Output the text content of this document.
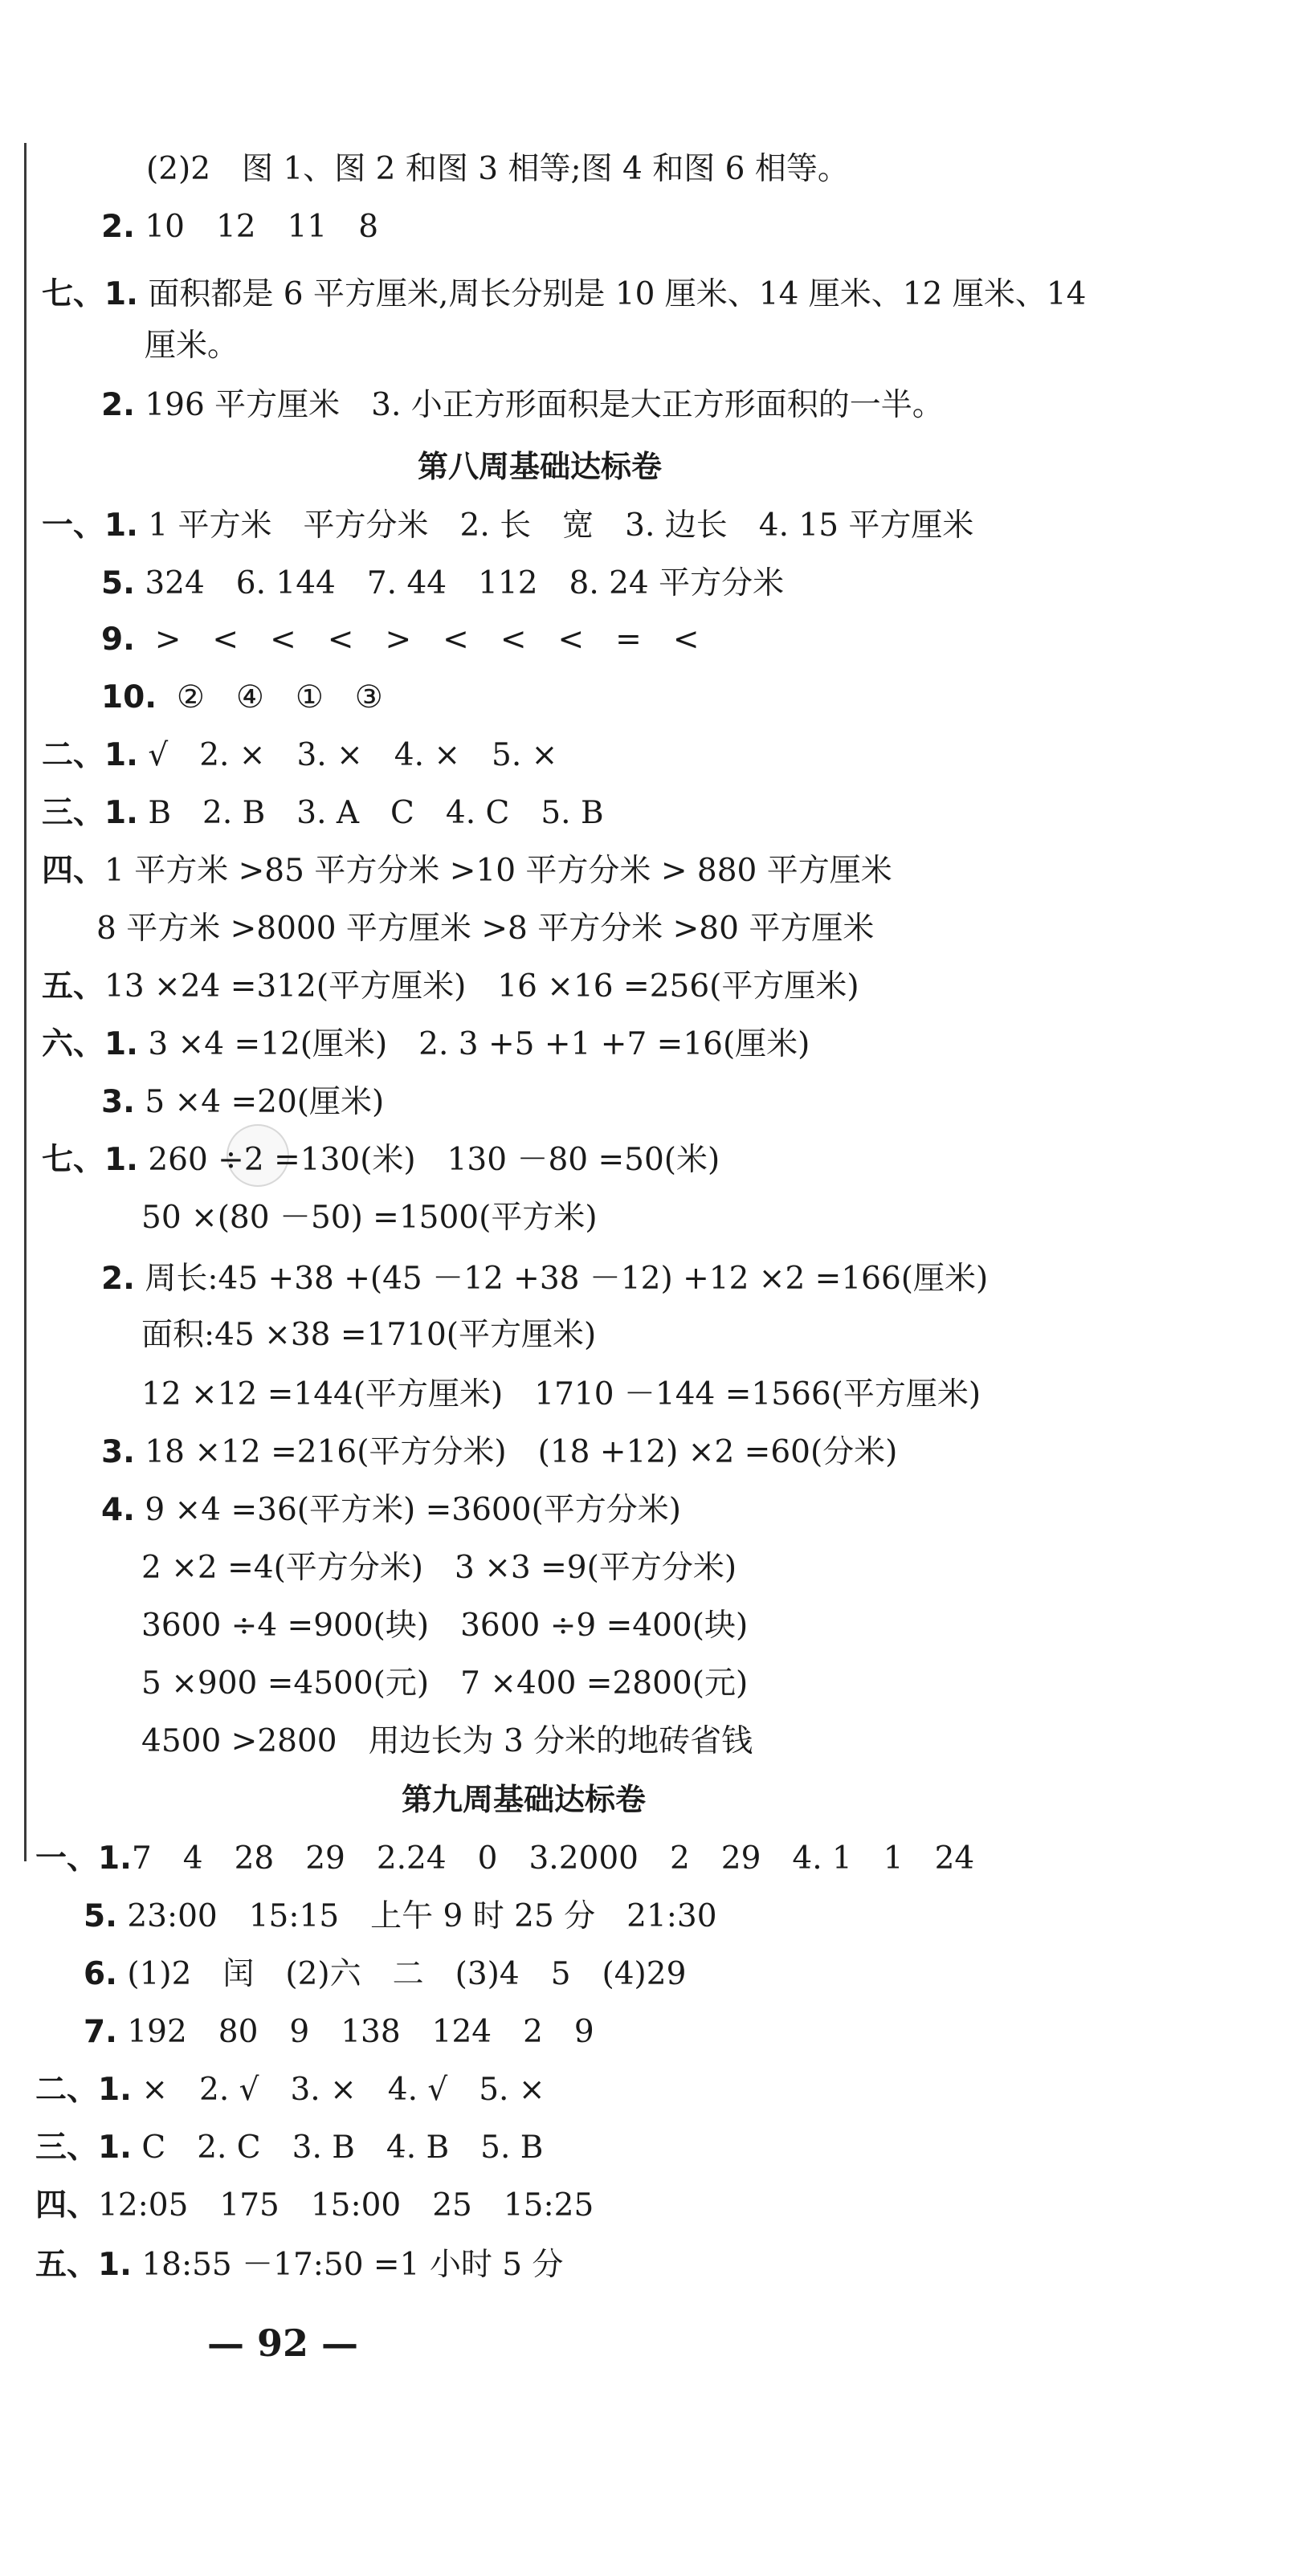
(2)2　图 1、图 2 和图 3 相等;图 4 和图 6 相等。
2. 10　12　11　8
七、1. 面积都是 6 平方厘米,周长分别是 10 厘米、14 厘米、12 厘米、14
厘米。
2. 196 平方厘米　3. 小正方形面积是大正方形面积的一半。
第八周基础达标卷
一、1. 1 平方米　平方分米　2. 长　宽　3. 边长　4. 15 平方厘米
5. 324　6. 144　7. 44　112　8. 24 平方分米
9.  >　<　<　<　>　<　<　<　=　<
10.  ②　④　①　③
二、1. √　2. ×　3. ×　4. ×　5. ×
三、1. B　2. B　3. A　C　4. C　5. B
四、1 平方米 >85 平方分米 >10 平方分米 > 880 平方厘米
8 平方米 >8000 平方厘米 >8 平方分米 >80 平方厘米
五、13 ×24 =312(平方厘米)　16 ×16 =256(平方厘米)
六、1. 3 ×4 =12(厘米)　2. 3 +5 +1 +7 =16(厘米)
3. 5 ×4 =20(厘米)
七、1. 260 ÷2 =130(米)　130 －80 =50(米)
50 ×(80 －50) =1500(平方米)
2. 周长:45 +38 +(45 －12 +38 －12) +12 ×2 =166(厘米)
面积:45 ×38 =1710(平方厘米)
12 ×12 =144(平方厘米)　1710 －144 =1566(平方厘米)
3. 18 ×12 =216(平方分米)　(18 +12) ×2 =60(分米)
4. 9 ×4 =36(平方米) =3600(平方分米)
2 ×2 =4(平方分米)　3 ×3 =9(平方分米)
3600 ÷4 =900(块)　3600 ÷9 =400(块)
5 ×900 =4500(元)　7 ×400 =2800(元)
4500 >2800　用边长为 3 分米的地砖省钱
第九周基础达标卷
一、1.7　4　28　29　2.24　0　3.2000　2　29　4. 1　1　24
5. 23:00　15:15　上午 9 时 25 分　21:30
6. (1)2　闰　(2)六　二　(3)4　5　(4)29
7. 192　80　9　138　124　2　9
二、1. ×　2. √　3. ×　4. √　5. ×
三、1. C　2. C　3. B　4. B　5. B
四、12:05　175　15:00　25　15:25
五、1. 18:55 －17:50 =1 小时 5 分
— 92 —
